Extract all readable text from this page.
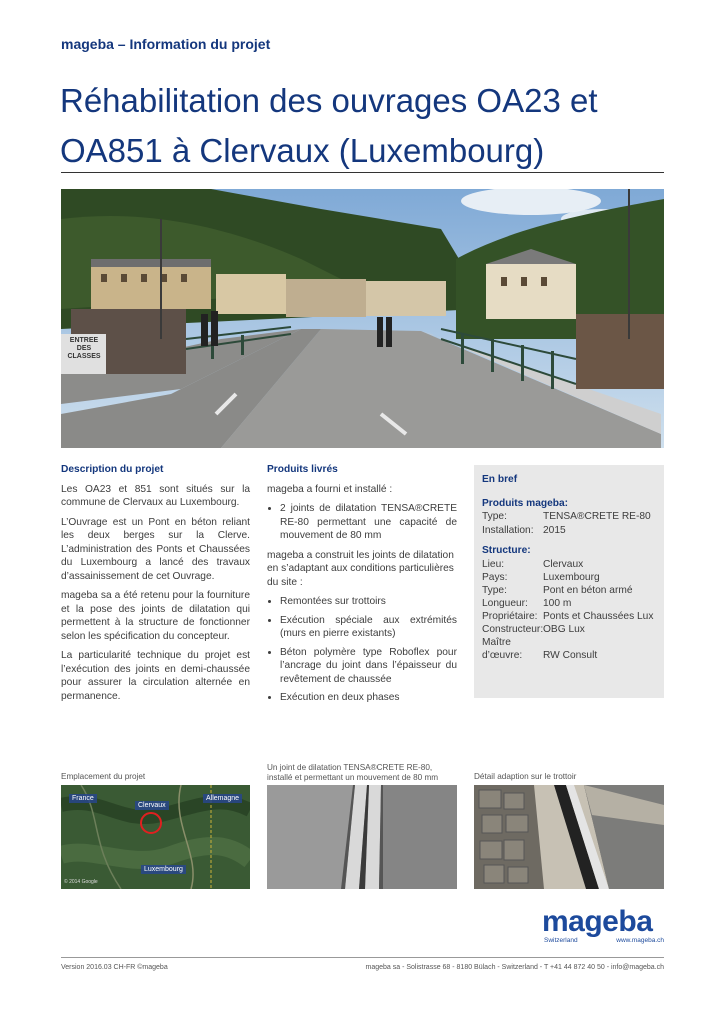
mageba – Information du projet
Réhabilitation des ouvrages OA23 et OA851 à Clervaux (Luxembourg)
ENTREE
DES
CLASSES
Description du projet

Les OA23 et 851 sont situés sur la commune de Clervaux au Luxembourg.

L’Ouvrage est un Pont en béton reliant les deux berges sur la Clerve. L’administration des Ponts et Chaussées du Luxembourg a lancé des travaux d’assainissement de cet Ouvrage.

mageba sa a été retenu pour la fourniture et la pose des joints de dilatation qui permettent à la structure de fonctionner selon les spécification du concepteur.

La particularité technique du projet est l’exécution des joints en demi-chaussée pour assurer la circulation alternée en permanence.

Produits livrés

mageba a fourni et installé :

• 2 joints de dilatation TENSA®CRETE RE-80 permettant une capacité de mouvement de 80 mm

mageba a construit les joints de dilatation en s’adaptant aux conditions particulières du site :

• Remontées sur trottoirs
• Exécution spéciale aux extrémités (murs en pierre existants)
• Béton polymère type Roboflex pour l’ancrage du joint dans l’épaisseur du revêtement de chaussée
• Exécution en deux phases
En bref
Produits mageba:
Type:	TENSA®CRETE RE-80
Installation: 2015
Structure:
Lieu:	Clervaux
Pays:	Luxembourg
Type:	Pont en béton armé
Longueur: 100 m
Propriétaire: Ponts et Chaussées Lux
Constructeur:OBG Lux
Maître
d’œuvre: RW Consult
Emplacement du projet
Un joint de dilatation TENSA®CRETE RE-80, installé et permettant un mouvement de 80 mm	Détail adaption sur le trottoir
France
Clervaux
Allemagne
Luxembourg
© 2014 Google
mageba
Switzerland	www.mageba.ch
Version 2016.03 CH-FR ©mageba	mageba sa - Solistrasse 68 - 8180 Bülach - Switzerland - T +41 44 872 40 50 - info@mageba.ch
